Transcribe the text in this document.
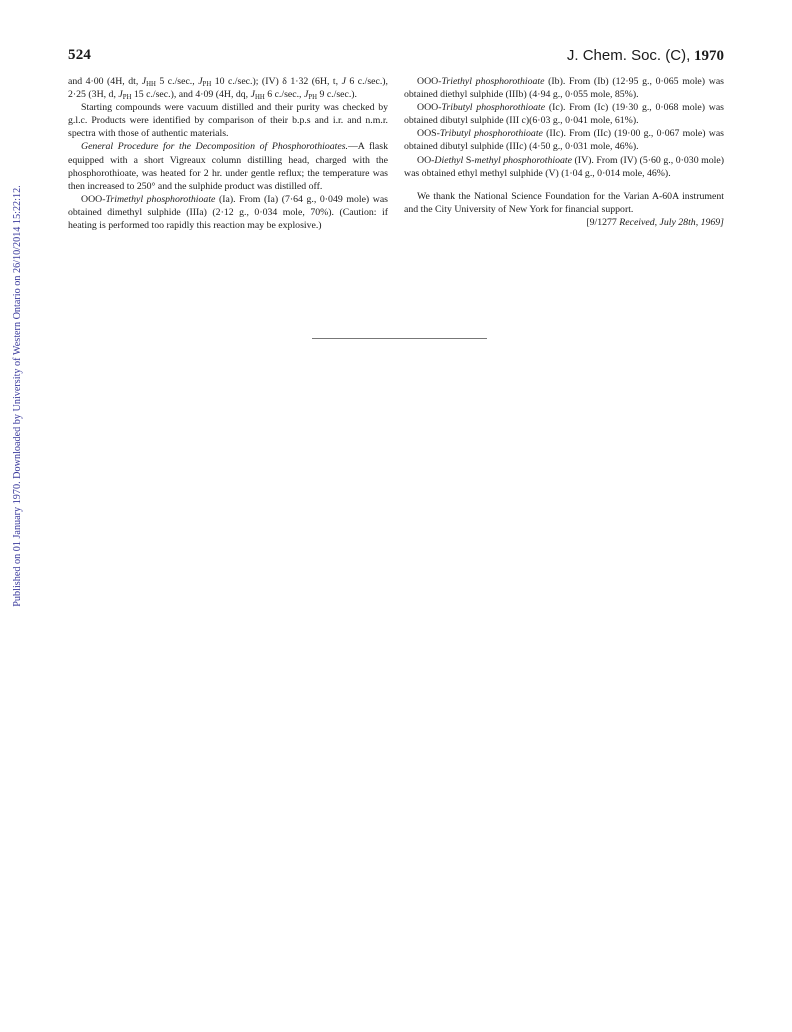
Published on 01 January 1970. Downloaded by University of Western Ontario on 26/10/2014 15:22:12.
524	J. Chem. Soc. (C), 1970

and 4·00 (4H, dt, $J_{HH}$ 5 c./sec., $J_{PH}$ 10 c./sec.); (IV) δ 1·32 (6H, t, J 6 c./sec.), 2·25 (3H, d, $J_{PH}$ 15 c./sec.), and 4·09 (4H, dq, $J_{HH}$ 6 c./sec., $J_{PH}$ 9 c./sec.).

Starting compounds were vacuum distilled and their purity was checked by g.l.c. Products were identified by comparison of their b.p.s and i.r. and n.m.r. spectra with those of authentic materials.

General Procedure for the Decomposition of Phosphorothioates.—A flask equipped with a short Vigreaux column distilling head, charged with the phosphorothioate, was heated for 2 hr. under gentle reflux; the temperature was then increased to 250° and the sulphide product was distilled off.

OOO-Trimethyl phosphorothioate (Ia). From (Ia) (7·64 g., 0·049 mole) was obtained dimethyl sulphide (IIIa) (2·12 g., 0·034 mole, 70%). (Caution: if heating is performed too rapidly this reaction may be explosive.)

OOO-Triethyl phosphorothioate (Ib). From (Ib) (12·95 g., 0·065 mole) was obtained diethyl sulphide (IIIb) (4·94 g., 0·055 mole, 85%).

OOO-Tributyl phosphorothioate (Ic). From (Ic) (19·30 g., 0·068 mole) was obtained dibutyl sulphide (III c)(6·03 g., 0·041 mole, 61%).

OOS-Tributyl phosphorothioate (IIc). From (IIc) (19·00 g., 0·067 mole) was obtained dibutyl sulphide (IIIc) (4·50 g., 0·031 mole, 46%).

OO-Diethyl S-methyl phosphorothioate (IV). From (IV) (5·60 g., 0·030 mole) was obtained ethyl methyl sulphide (V) (1·04 g., 0·014 mole, 46%).

We thank the National Science Foundation for the Varian A-60A instrument and the City University of New York for financial support.

[9/1277 Received, July 28th, 1969]
